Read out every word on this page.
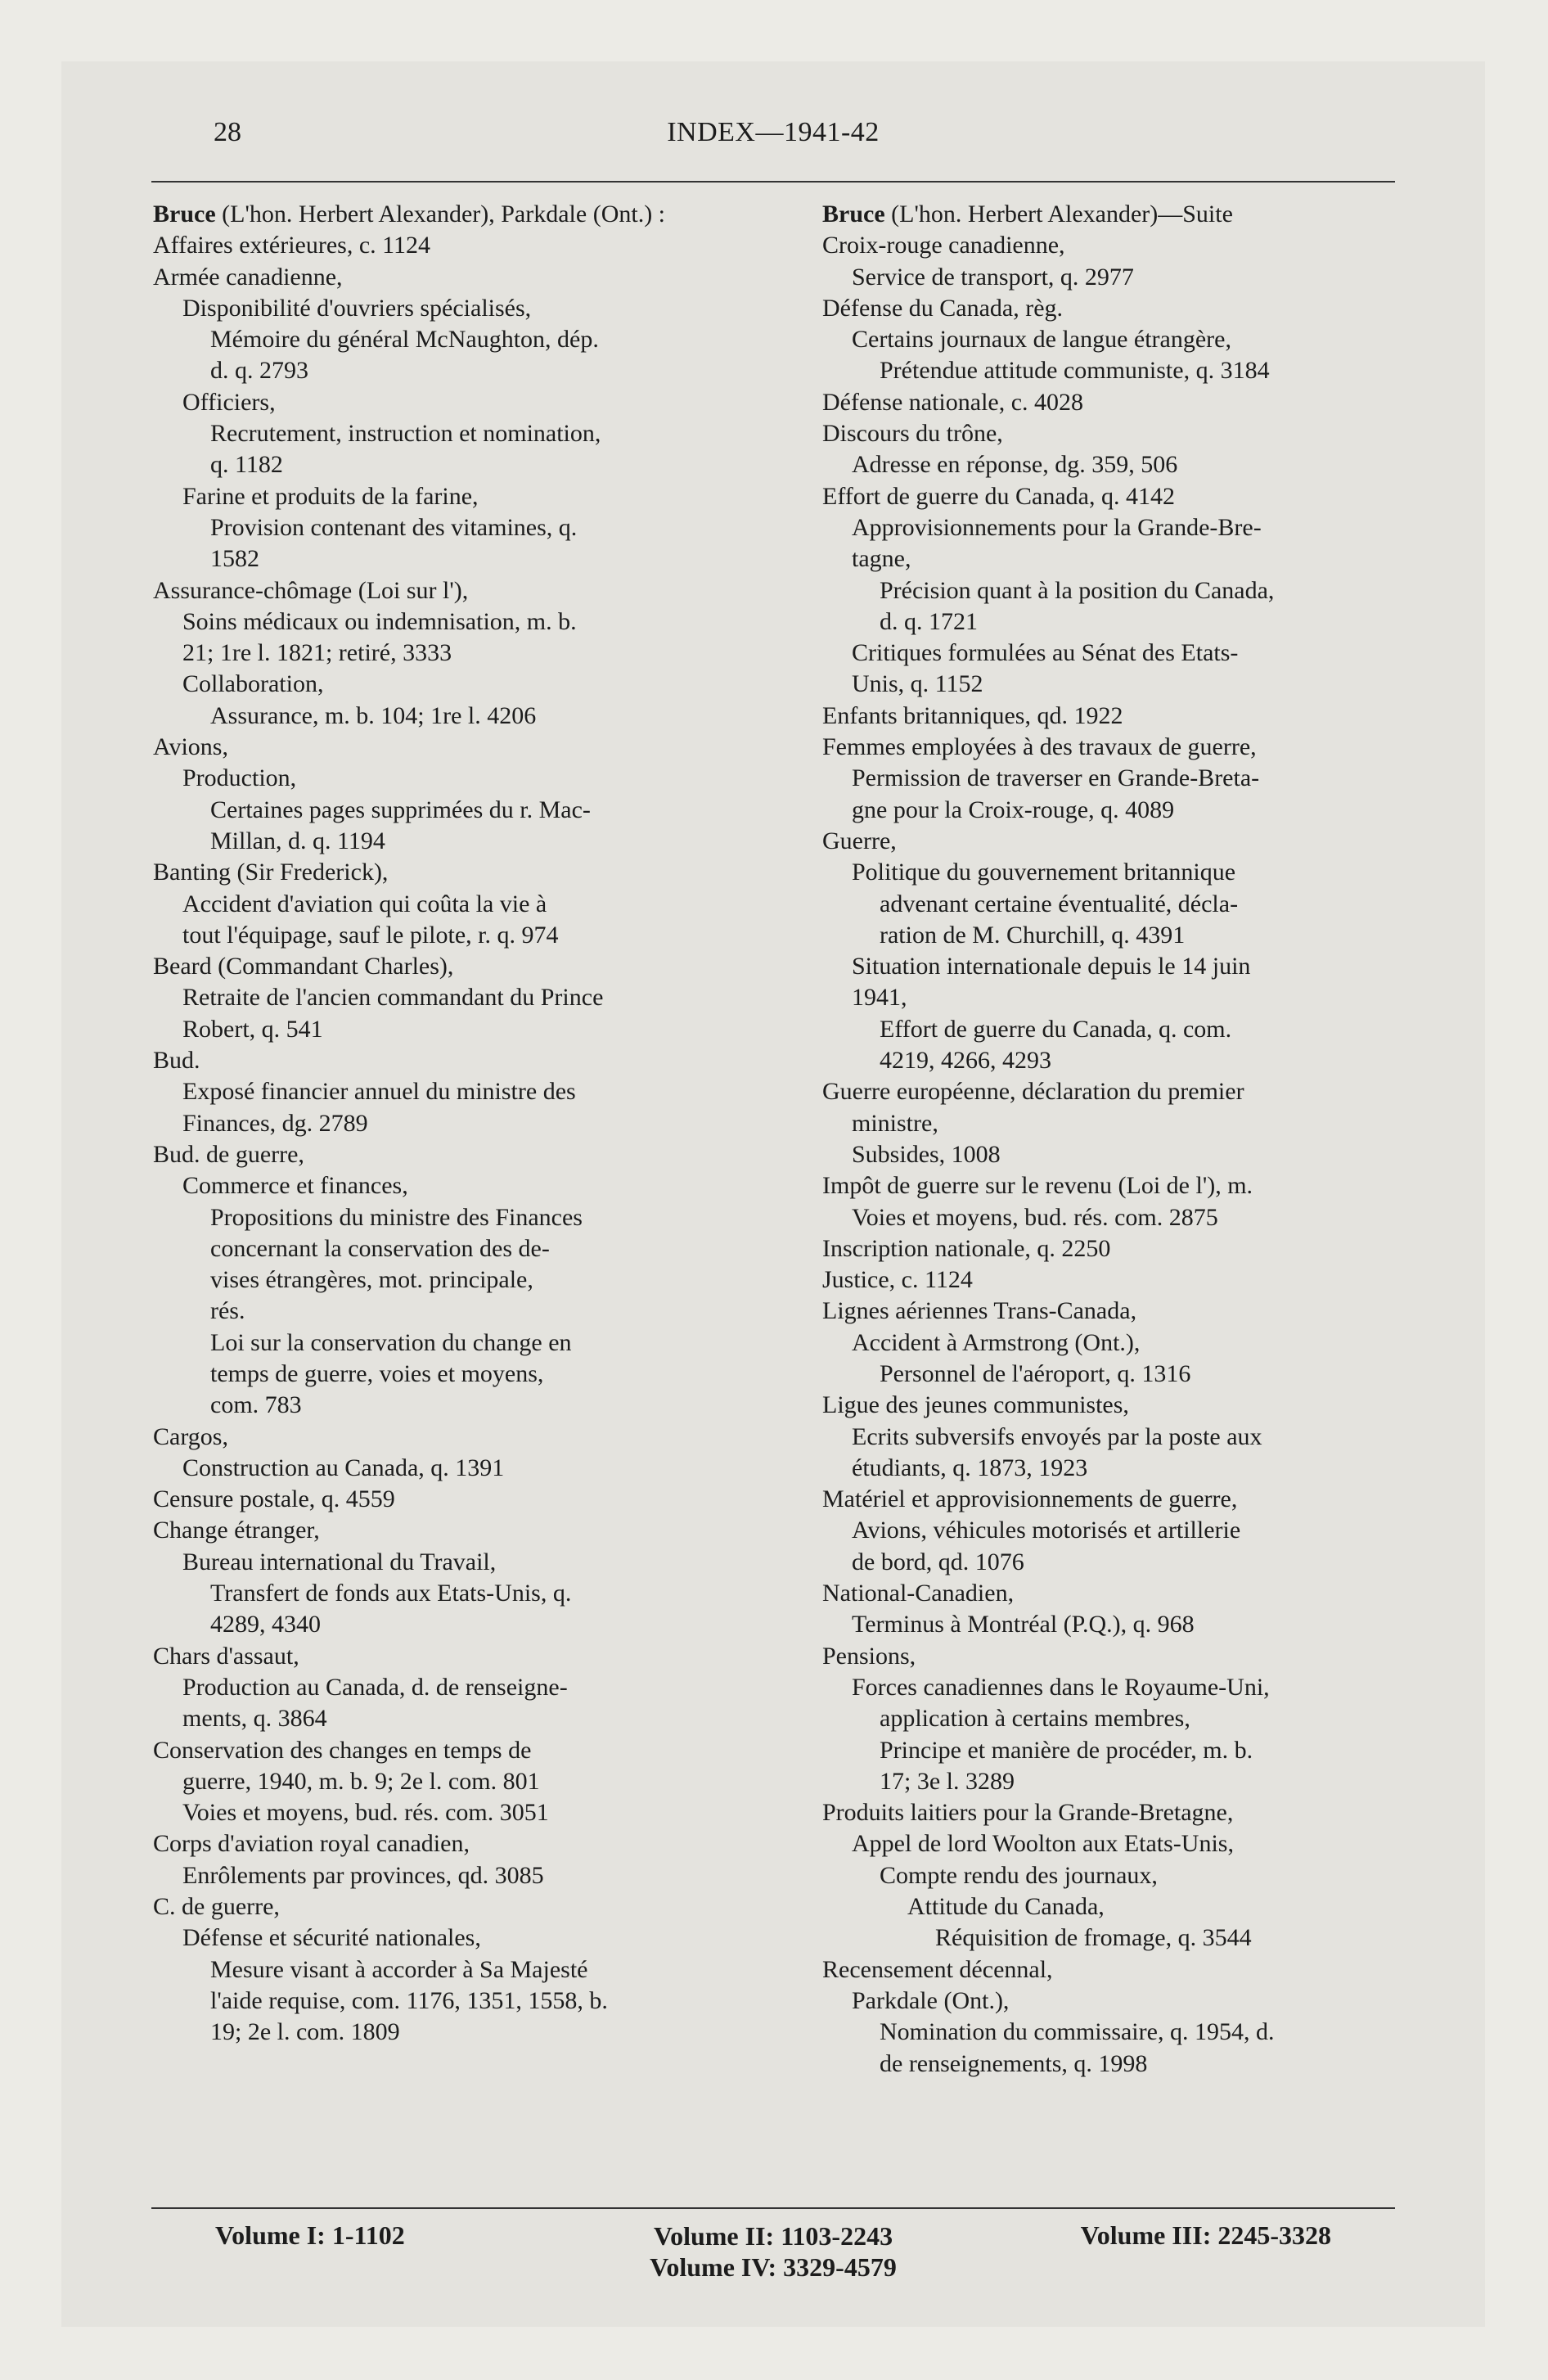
28	INDEX—1941-42
Bruce (L'hon. Herbert Alexander), Parkdale (Ont.) :
Affaires extérieures, c. 1124
Armée canadienne,
Disponibilité d'ouvriers spécialisés,
Mémoire du général McNaughton, dép.
d. q. 2793
Officiers,
Recrutement, instruction et nomination,
q. 1182
Farine et produits de la farine,
Provision contenant des vitamines, q.
1582
Assurance-chômage (Loi sur l'),
Soins médicaux ou indemnisation, m. b.
21; 1re l. 1821; retiré, 3333
Collaboration,
Assurance, m. b. 104; 1re l. 4206
Avions,
Production,
Certaines pages supprimées du r. Mac-
Millan, d. q. 1194
Banting (Sir Frederick),
Accident d'aviation qui coûta la vie à
tout l'équipage, sauf le pilote, r. q. 974
Beard (Commandant Charles),
Retraite de l'ancien commandant du Prince
Robert, q. 541
Bud.
Exposé financier annuel du ministre des
Finances, dg. 2789
Bud. de guerre,
Commerce et finances,
Propositions du ministre des Finances
concernant la conservation des de-
vises étrangères, mot. principale,
rés.
Loi sur la conservation du change en
temps de guerre, voies et moyens,
com. 783
Cargos,
Construction au Canada, q. 1391
Censure postale, q. 4559
Change étranger,
Bureau international du Travail,
Transfert de fonds aux Etats-Unis, q.
4289, 4340
Chars d'assaut,
Production au Canada, d. de renseigne-
ments, q. 3864
Conservation des changes en temps de
guerre, 1940, m. b. 9; 2e l. com. 801
Voies et moyens, bud. rés. com. 3051
Corps d'aviation royal canadien,
Enrôlements par provinces, qd. 3085
C. de guerre,
Défense et sécurité nationales,
Mesure visant à accorder à Sa Majesté
l'aide requise, com. 1176, 1351, 1558, b.
19; 2e l. com. 1809
Bruce (L'hon. Herbert Alexander)—Suite
Croix-rouge canadienne,
Service de transport, q. 2977
Défense du Canada, règ.
Certains journaux de langue étrangère,
Prétendue attitude communiste, q. 3184
Défense nationale, c. 4028
Discours du trône,
Adresse en réponse, dg. 359, 506
Effort de guerre du Canada, q. 4142
Approvisionnements pour la Grande-Bre-
tagne,
Précision quant à la position du Canada,
d. q. 1721
Critiques formulées au Sénat des Etats-
Unis, q. 1152
Enfants britanniques, qd. 1922
Femmes employées à des travaux de guerre,
Permission de traverser en Grande-Breta-
gne pour la Croix-rouge, q. 4089
Guerre,
Politique du gouvernement britannique
advenant certaine éventualité, décla-
ration de M. Churchill, q. 4391
Situation internationale depuis le 14 juin
1941,
Effort de guerre du Canada, q. com.
4219, 4266, 4293
Guerre européenne, déclaration du premier
ministre,
Subsides, 1008
Impôt de guerre sur le revenu (Loi de l'), m.
Voies et moyens, bud. rés. com. 2875
Inscription nationale, q. 2250
Justice, c. 1124
Lignes aériennes Trans-Canada,
Accident à Armstrong (Ont.),
Personnel de l'aéroport, q. 1316
Ligue des jeunes communistes,
Ecrits subversifs envoyés par la poste aux
étudiants, q. 1873, 1923
Matériel et approvisionnements de guerre,
Avions, véhicules motorisés et artillerie
de bord, qd. 1076
National-Canadien,
Terminus à Montréal (P.Q.), q. 968
Pensions,
Forces canadiennes dans le Royaume-Uni,
application à certains membres,
Principe et manière de procéder, m. b.
17; 3e l. 3289
Produits laitiers pour la Grande-Bretagne,
Appel de lord Woolton aux Etats-Unis,
Compte rendu des journaux,
Attitude du Canada,
Réquisition de fromage, q. 3544
Recensement décennal,
Parkdale (Ont.),
Nomination du commissaire, q. 1954, d.
de renseignements, q. 1998
Volume I: 1-1102	Volume II: 1103-2243
Volume IV: 3329-4579
Volume III: 2245-3328
